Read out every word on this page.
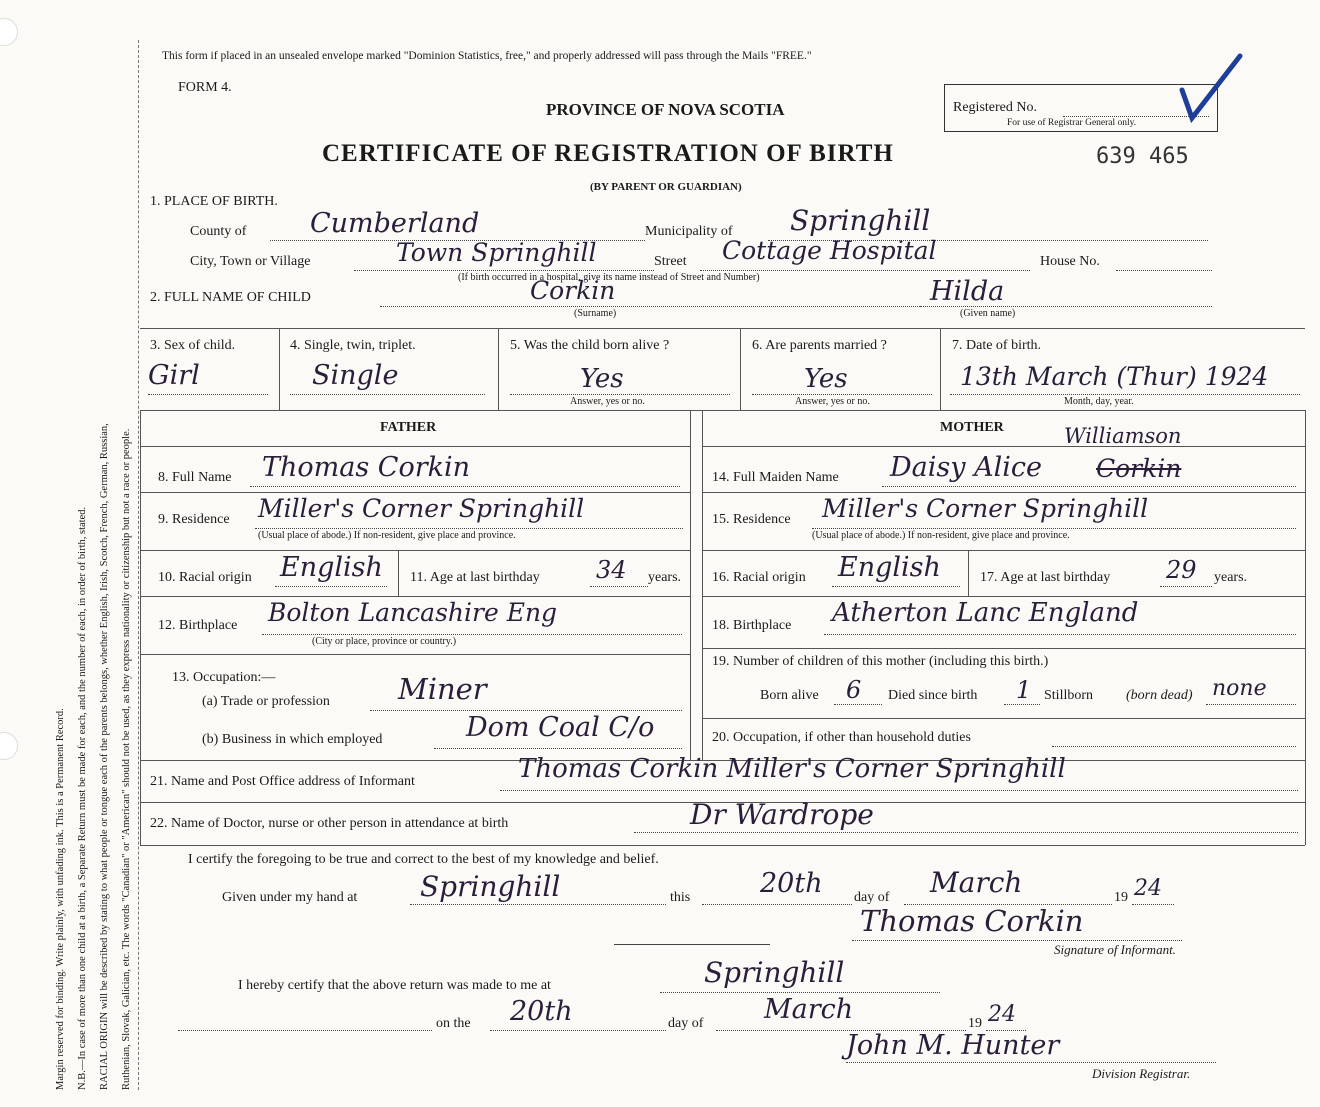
Margin reserved for binding. Write plainly, with unfading ink. This is a Permanent Record. N.B.—In case of more than one child at a birth, a Separate Return must be made for each, and the number of each, in order of birth, stated. RACIAL ORIGIN will be described by stating to what people or tongue each of the parents belongs, whether English, Irish, Scotch, French, German, Russian, Ruthenian, Slovak, Galician, etc. The words "Canadian" or "American" should not be used, as they express nationality or citizenship but not a race or people.
This form if placed in an unsealed envelope marked "Dominion Statistics, free," and properly addressed will pass through the Mails "FREE."
FORM 4.
PROVINCE OF NOVA SCOTIA
CERTIFICATE OF REGISTRATION OF BIRTH
(BY PARENT OR GUARDIAN)
639 465
Registered No.
For use of Registrar General only.
1. PLACE OF BIRTH.
County of Cumberland	Municipality of Springhill
City, Town or Village	Town Springhill	Street Cottage Hospital	House No.
(If birth occurred in a hospital, give its name instead of Street and Number)
2. FULL NAME OF CHILD	Corkin	Hilda
(Surname)	(Given name)
3. Sex of child.
Girl
4. Single, twin, triplet.
Single
5. Was the child born alive ?
Yes
Answer, yes or no.
6. Are parents married ?
Yes
Answer, yes or no.
7. Date of birth.
13th March (Thur) 1924
Month, day, year.
FATHER	MOTHER
8. Full Name Thomas Corkin
9. Residence Miller's Corner Springhill
(Usual place of abode.) If non-resident, give place and province.
10. Racial origin English 11. Age at last birthday 34 years.
12. Birthplace Bolton Lancashire Eng
(City or place, province or country.)
13. Occupation:—
(a) Trade or profession Miner
(b) Business in which employed	Dom Coal C/o
14. Full Maiden Name Daisy Alice Corkin
Williamson
15. Residence Miller's Corner Springhill
(Usual place of abode.) If non-resident, give place and province.
16. Racial origin English	17. Age at last birthday 29 years.
18. Birthplace Atherton Lanc England
19. Number of children of this mother (including this birth.)
Born alive 6 Died since birth 1 Stillborn (born dead) none
20. Occupation, if other than household duties
21. Name and Post Office address of Informant	Thomas Corkin Miller's Corner Springhill
22. Name of Doctor, nurse or other person in attendance at birth	Dr Wardrope
I certify the foregoing to be true and correct to the best of my knowledge and belief.
Given under my hand at Springhill	this	20th day of March	19 24
Thomas Corkin
Signature of Informant.
I hereby certify that the above return was made to me at	Springhill
on the 20th	day of March	19 24
John M. Hunter
Division Registrar.
